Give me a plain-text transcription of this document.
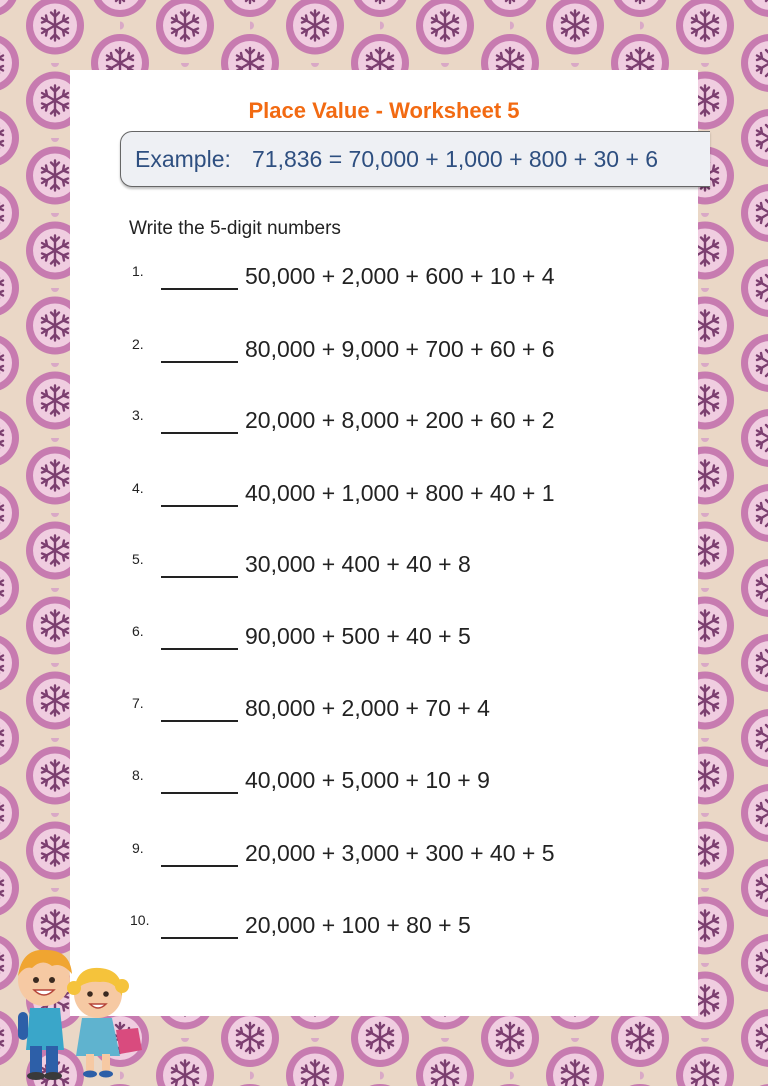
Place Value - Worksheet 5
Example: 71,836 = 70,000 + 1,000 + 800 + 30 + 6
Write the 5-digit numbers
1.	50,000 + 2,000 + 600 + 10 + 4
2.	80,000 + 9,000 + 700 + 60 + 6
3.	20,000 + 8,000 + 200 + 60 + 2
4.	40,000 + 1,000 + 800 + 40 + 1
5.	30,000 + 400 + 40 + 8
6.	90,000 + 500 + 40 + 5
7.	80,000 + 2,000 + 70 + 4
8.	40,000 + 5,000 + 10 + 9
9.	20,000 + 3,000 + 300 + 40 + 5
10.	20,000 + 100 + 80 + 5
